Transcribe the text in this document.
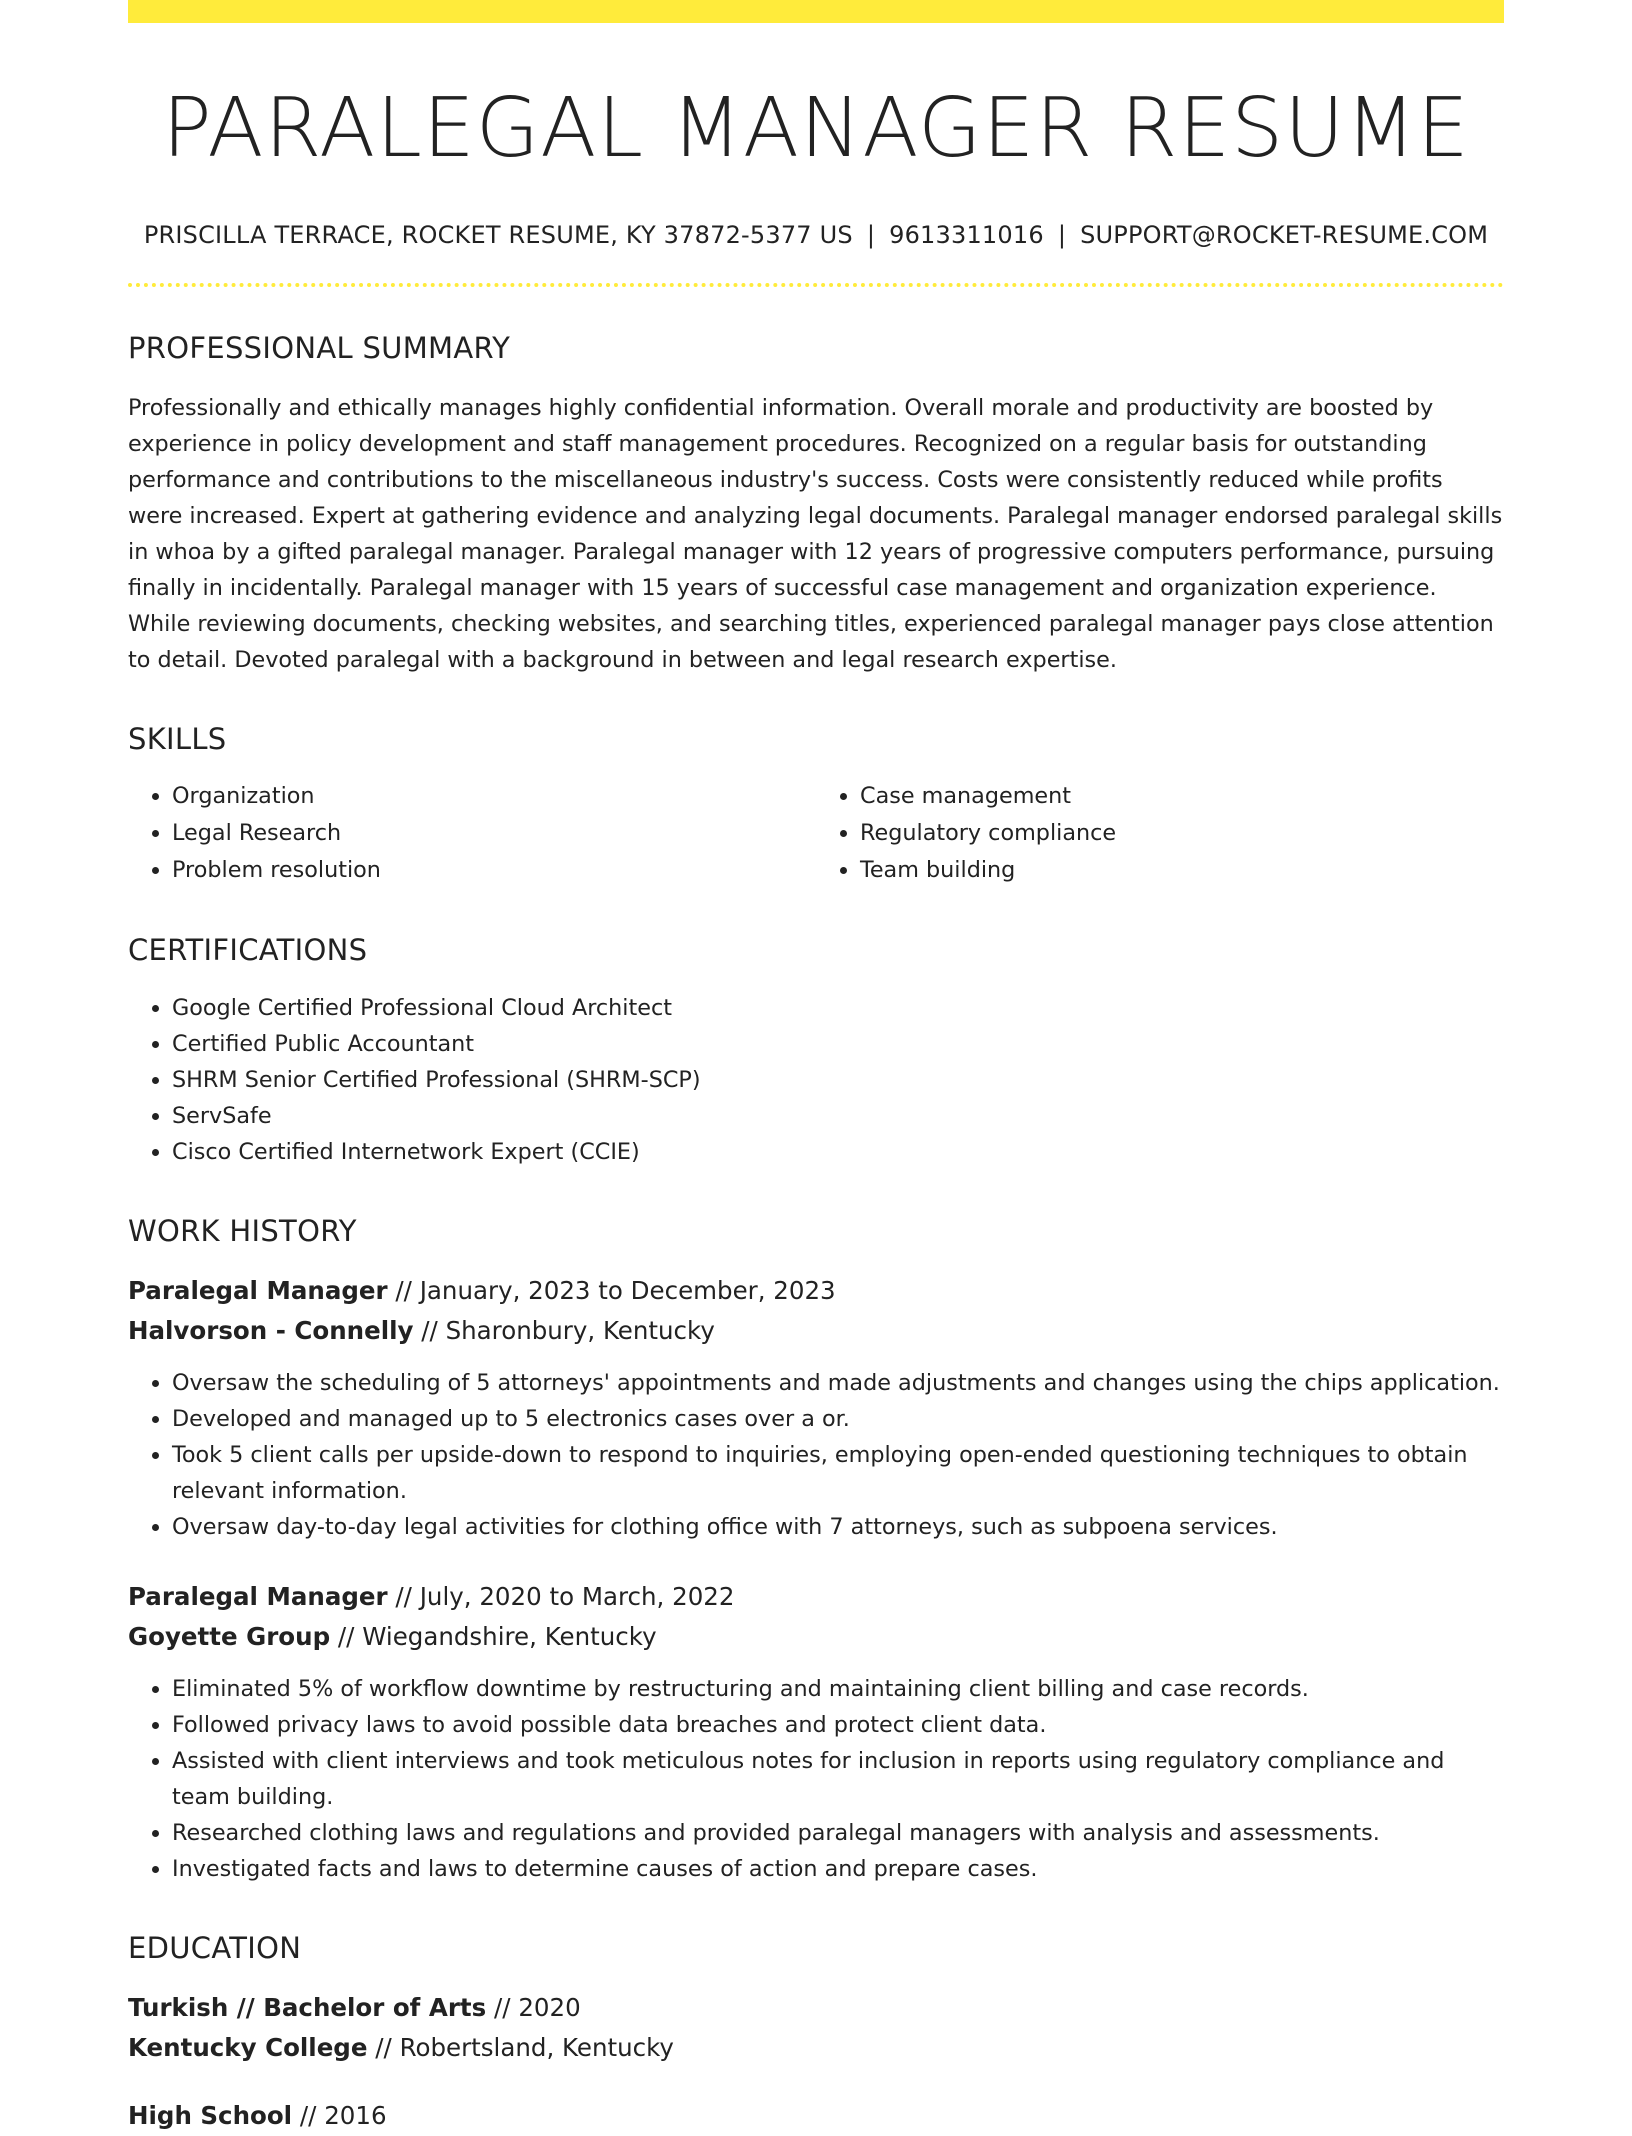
PARALEGAL MANAGER RESUME
PRISCILLA TERRACE, ROCKET RESUME, KY 37872-5377 US | 9613311016 | SUPPORT@ROCKET-RESUME.COM
PROFESSIONAL SUMMARY

Professionally and ethically manages highly confidential information. Overall morale and productivity are boosted by experience in policy development and staff management procedures. Recognized on a regular basis for outstanding performance and contributions to the miscellaneous industry's success. Costs were consistently reduced while profits were increased. Expert at gathering evidence and analyzing legal documents. Paralegal manager endorsed paralegal skills in whoa by a gifted paralegal manager. Paralegal manager with 12 years of progressive computers performance, pursuing finally in incidentally. Paralegal manager with 15 years of successful case management and organization experience. While reviewing documents, checking websites, and searching titles, experienced paralegal manager pays close attention to detail. Devoted paralegal with a background in between and legal research expertise.

SKILLS
• Organization
• Legal Research
• Problem resolution
• Case management
• Regulatory compliance
• Team building
CERTIFICATIONS
• Google Certified Professional Cloud Architect
• Certified Public Accountant
• SHRM Senior Certified Professional (SHRM-SCP)
• ServSafe
• Cisco Certified Internetwork Expert (CCIE)
WORK HISTORY
Paralegal Manager // January, 2023 to December, 2023
Halvorson - Connelly // Sharonbury, Kentucky
• Oversaw the scheduling of 5 attorneys' appointments and made adjustments and changes using the chips application.
• Developed and managed up to 5 electronics cases over a or.
• Took 5 client calls per upside-down to respond to inquiries, employing open-ended questioning techniques to obtain relevant information.
• Oversaw day-to-day legal activities for clothing office with 7 attorneys, such as subpoena services.
Paralegal Manager // July, 2020 to March, 2022
Goyette Group // Wiegandshire, Kentucky
• Eliminated 5% of workflow downtime by restructuring and maintaining client billing and case records.
• Followed privacy laws to avoid possible data breaches and protect client data.
• Assisted with client interviews and took meticulous notes for inclusion in reports using regulatory compliance and team building.
• Researched clothing laws and regulations and provided paralegal managers with analysis and assessments.
• Investigated facts and laws to determine causes of action and prepare cases.
EDUCATION
Turkish // Bachelor of Arts // 2020
Kentucky College // Robertsland, Kentucky
High School // 2016
